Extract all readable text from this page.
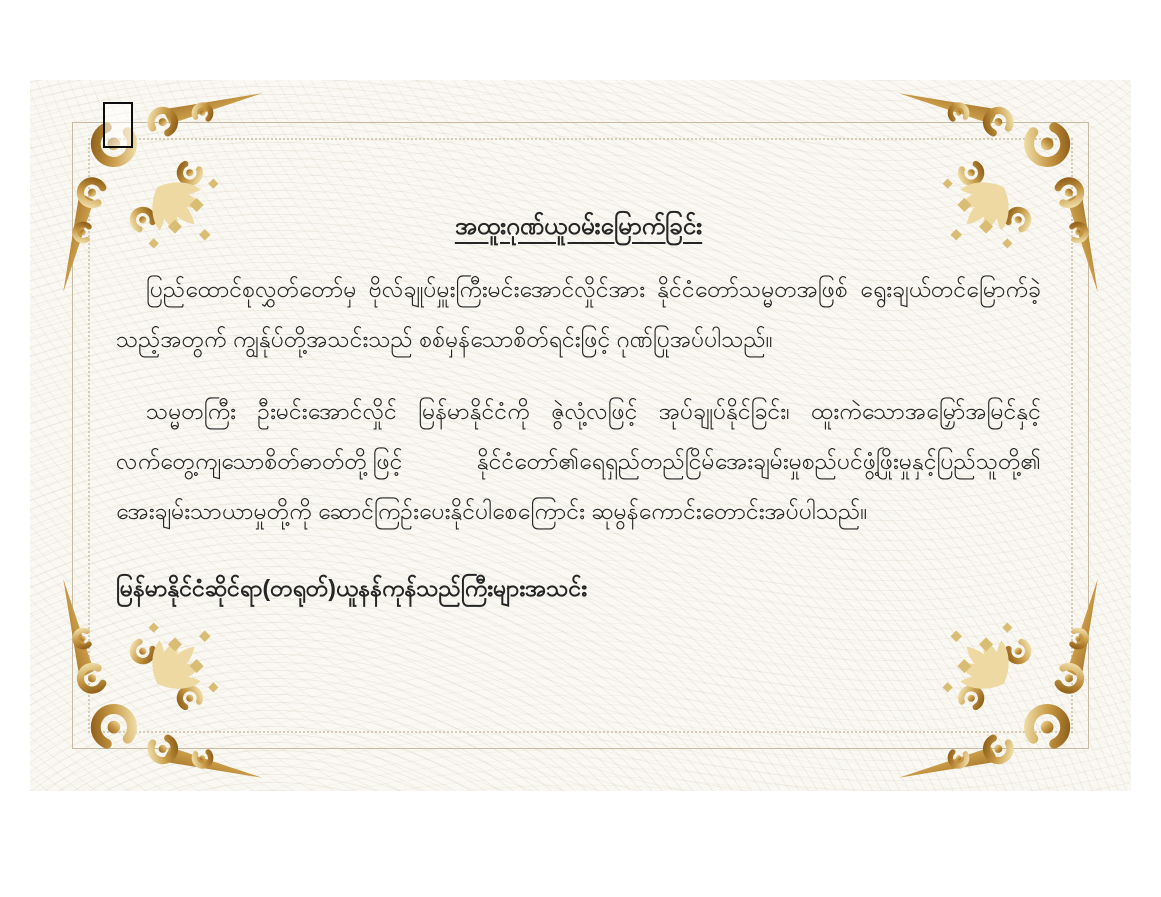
အထူးဂုဏ်ယူဝမ်းမြောက်ခြင်း

ပြည်ထောင်စုလွှတ်တော်မှ ဗိုလ်ချုပ်မှူးကြီးမင်းအောင်လှိုင်အား နိုင်ငံတော်သမ္မတအဖြစ် ရွေးချယ်တင်မြောက်ခဲ့သည့်အတွက် ကျွန်ုပ်တို့အသင်းသည် စစ်မှန်သောစိတ်ရင်းဖြင့် ဂုဏ်ပြုအပ်ပါသည်။

သမ္မတကြီး ဦးမင်းအောင်လှိုင် မြန်မာနိုင်ငံကို ဇွဲလုံ့လဖြင့် အုပ်ချုပ်နိုင်ခြင်း၊ ထူးကဲသောအမြှော်အမြင်နှင့် လက်တွေ့ကျသောစိတ်ဓာတ်တို့ဖြင့် နိုင်ငံတော်၏ရေရှည်တည်ငြိမ်အေးချမ်းမှုစည်ပင်ဖွံ့ဖြိုးမှုနှင့်ပြည်သူတို့၏ အေးချမ်းသာယာမှုတို့ကို ဆောင်ကြဉ်းပေးနိုင်ပါစေကြောင်း ဆုမွန်ကောင်းတောင်းအပ်ပါသည်။

မြန်မာနိုင်ငံဆိုင်ရာ(တရုတ်)ယူနန်ကုန်သည်ကြီးများအသင်း
